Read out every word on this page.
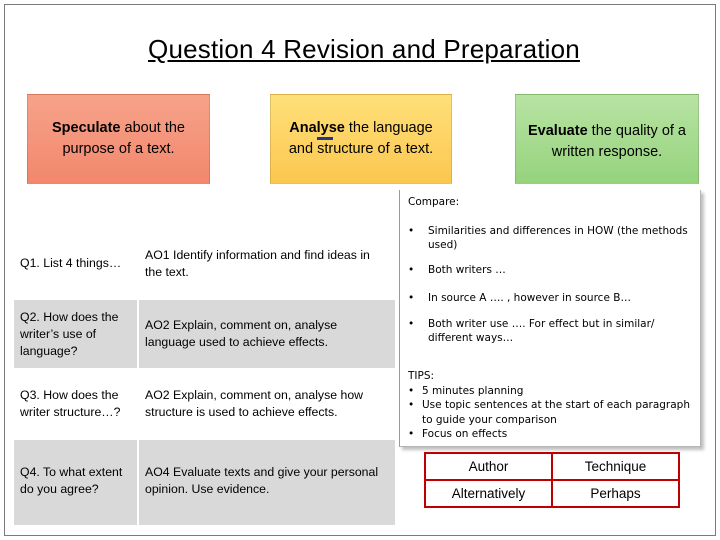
Question 4 Revision and Preparation
Speculate about the purpose of a text.
Analyse the language and structure of a text.
Evaluate the quality of a written response.
Q1. List 4 things…	AO1 Identify information and find ideas in the text.
Q2. How does the writer’s use of language?	AO2 Explain, comment on, analyse language used to achieve effects.
Q3. How does the writer structure…?	AO2 Explain, comment on, analyse how structure is used to achieve effects.
Q4. To what extent do you agree?	AO4 Evaluate texts and give your personal opinion. Use evidence.
Compare:
• Similarities and differences in HOW (the methods used)
• Both writers …
• In source A …. , however in source B…
• Both writer use …. For effect but in similar/ different ways…
TIPS:
• 5 minutes planning
• Use topic sentences at the start of each paragraph to guide your comparison
• Focus on effects
Author	Technique
Alternatively	Perhaps
